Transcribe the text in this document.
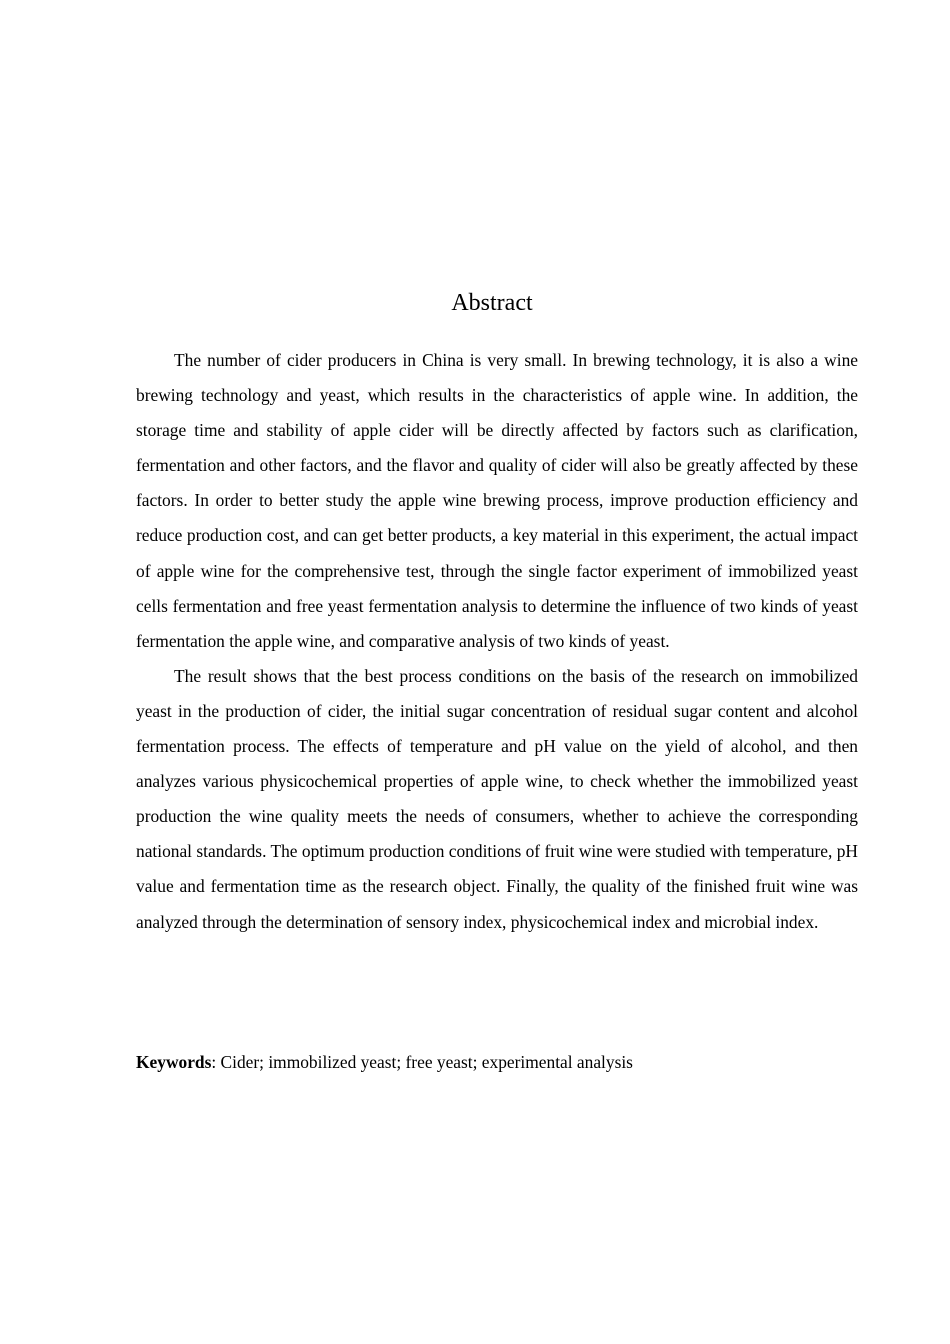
Abstract

The number of cider producers in China is very small. In brewing technology, it is also a wine brewing technology and yeast, which results in the characteristics of apple wine. In addition, the storage time and stability of apple cider will be directly affected by factors such as clarification, fermentation and other factors, and the flavor and quality of cider will also be greatly affected by these factors. In order to better study the apple wine brewing process, improve production efficiency and reduce production cost, and can get better products, a key material in this experiment, the actual impact of apple wine for the comprehensive test, through the single factor experiment of immobilized yeast cells fermentation and free yeast fermentation analysis to determine the influence of two kinds of yeast fermentation the apple wine, and comparative analysis of two kinds of yeast.

The result shows that the best process conditions on the basis of the research on immobilized yeast in the production of cider, the initial sugar concentration of residual sugar content and alcohol fermentation process. The effects of temperature and pH value on the yield of alcohol, and then analyzes various physicochemical properties of apple wine, to check whether the immobilized yeast production the wine quality meets the needs of consumers, whether to achieve the corresponding national standards. The optimum production conditions of fruit wine were studied with temperature, pH value and fermentation time as the research object. Finally, the quality of the finished fruit wine was analyzed through the determination of sensory index, physicochemical index and microbial index.

Keywords: Cider; immobilized yeast; free yeast; experimental analysis
